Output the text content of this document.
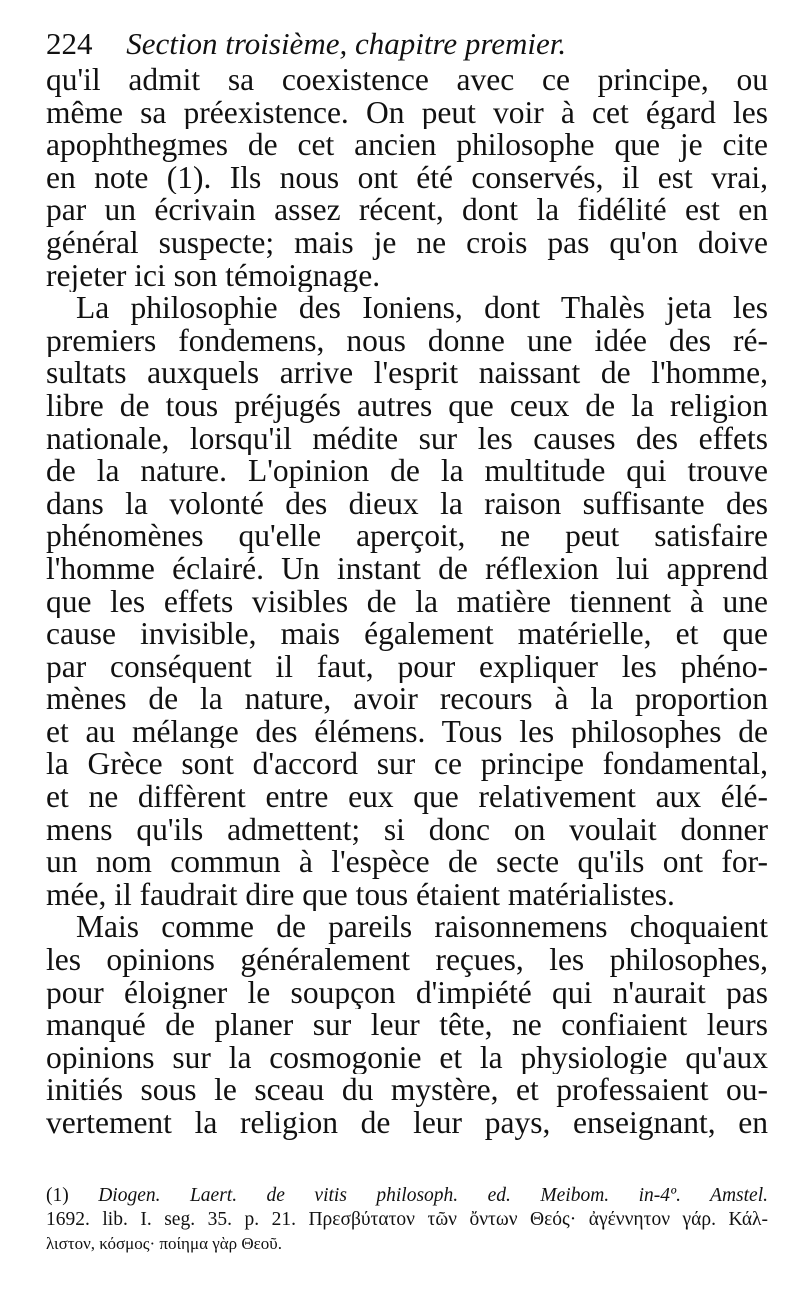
224 Section troisième, chapitre premier.
qu'il admit sa coexistence avec ce principe, ou
même sa préexistence. On peut voir à cet égard les
apophthegmes de cet ancien philosophe que je cite
en note (1). Ils nous ont été conservés, il est vrai,
par un écrivain assez récent, dont la fidélité est en
général suspecte; mais je ne crois pas qu'on doive
rejeter ici son témoignage.
La philosophie des Ioniens, dont Thalès jeta les
premiers fondemens, nous donne une idée des ré-
sultats auxquels arrive l'esprit naissant de l'homme,
libre de tous préjugés autres que ceux de la religion
nationale, lorsqu'il médite sur les causes des effets
de la nature. L'opinion de la multitude qui trouve
dans la volonté des dieux la raison suffisante des
phénomènes qu'elle aperçoit, ne peut satisfaire
l'homme éclairé. Un instant de réflexion lui apprend
que les effets visibles de la matière tiennent à une
cause invisible, mais également matérielle, et que
par conséquent il faut, pour expliquer les phéno-
mènes de la nature, avoir recours à la proportion
et au mélange des élémens. Tous les philosophes de
la Grèce sont d'accord sur ce principe fondamental,
et ne diffèrent entre eux que relativement aux élé-
mens qu'ils admettent; si donc on voulait donner
un nom commun à l'espèce de secte qu'ils ont for-
mée, il faudrait dire que tous étaient matérialistes.
Mais comme de pareils raisonnemens choquaient
les opinions généralement reçues, les philosophes,
pour éloigner le soupçon d'impiété qui n'aurait pas
manqué de planer sur leur tête, ne confiaient leurs
opinions sur la cosmogonie et la physiologie qu'aux
initiés sous le sceau du mystère, et professaient ou-
vertement la religion de leur pays, enseignant, en
(1) Diogen. Laert. de vitis philosoph. ed. Meibom. in-4º. Amstel.
1692. lib. I. seg. 35. p. 21. Πρεσβύτατον τῶν ὄντων Θεός· ἀγέννητον γάρ. Κάλ-
λιστον, κόσμος· ποίημα γὰρ Θεοῦ.
